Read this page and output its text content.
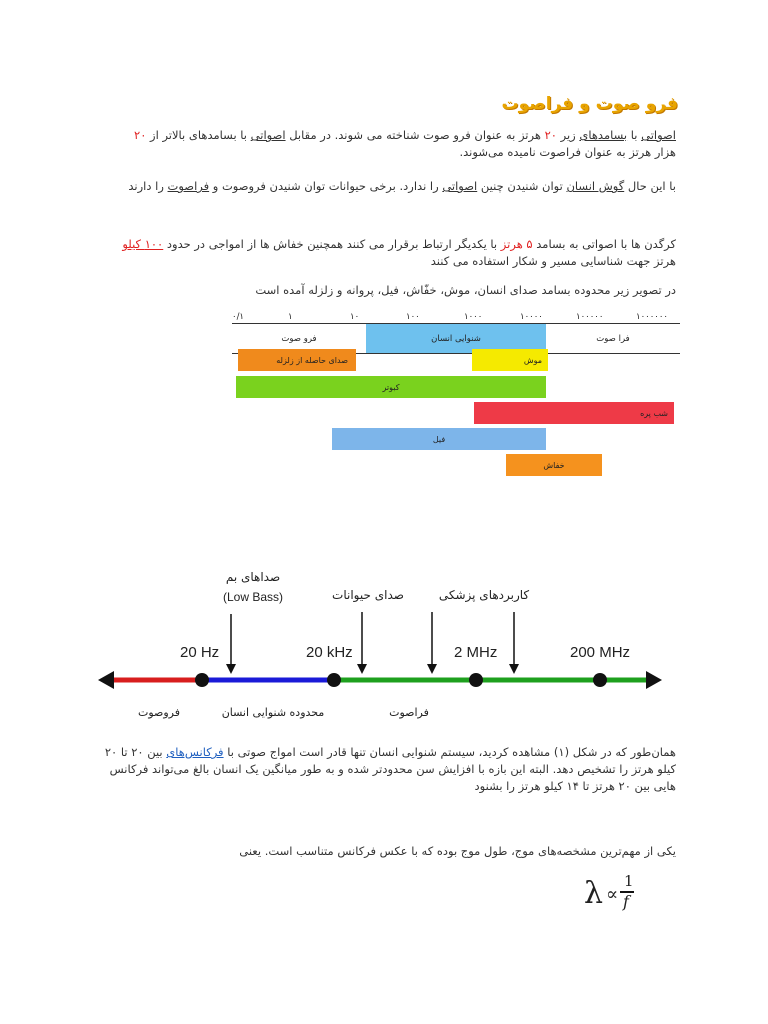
فرو صوت و فراصوت
اصواتی با بسامدهای زیر ۲۰ هرتز به عنوان فرو صوت شناخته می شوند. در مقابل اصواتی با بسامدهای بالاتر از ۲۰
هزار هرتز به عنوان فراصوت نامیده می‌شوند.
با این حال گوش انسان توان شنیدن چنین اصواتی را ندارد. برخی حیوانات توان شنیدن فروصوت و فراصوت را دارند
کرگدن ها با اصواتی به بسامد ۵ هرتز با یکدیگر ارتباط برقرار می کنند همچنین خفاش ها از امواجی در حدود ۱۰۰ کیلو
هرتز جهت شناسایی مسیر و شکار استفاده می کنند
در تصویر زیر محدوده بسامد صدای انسان، موش، خفّاش، فیل، پروانه و زلزله آمده است
۰/۱	۱	۱۰	۱۰۰	۱۰۰۰	۱۰۰۰۰	۱۰۰۰۰۰	۱۰۰۰۰۰۰
فرو صوت	شنوایی انسان	فرا صوت
صدای حاصله از زلزله	موش
کبوتر
شب پره
فیل
خفاش
صداهای بم
(Low Bass)	صدای حیوانات	کاربردهای پزشکی
20 Hz	20 kHz	2 MHz	200 MHz
فروصوت	محدوده شنوایی انسان	فراصوت
همان‌طور که در شکل (۱) مشاهده کردید، سیستم شنوایی انسان تنها قادر است امواج صوتی با فرکانس‌های بین ۲۰ تا ۲۰
کیلو هرتز را تشخیص دهد. البته این بازه با افزایش سن محدودتر شده و به طور میانگین یک انسان بالغ می‌تواند فرکانس
هایی بین ۲۰ هرتز تا ۱۴ کیلو هرتز را بشنود
یکی از مهم‌ترین مشخصه‌های موج، طول موج بوده که با عکس فرکانس متناسب است. یعنی
λ ∝
1
f
